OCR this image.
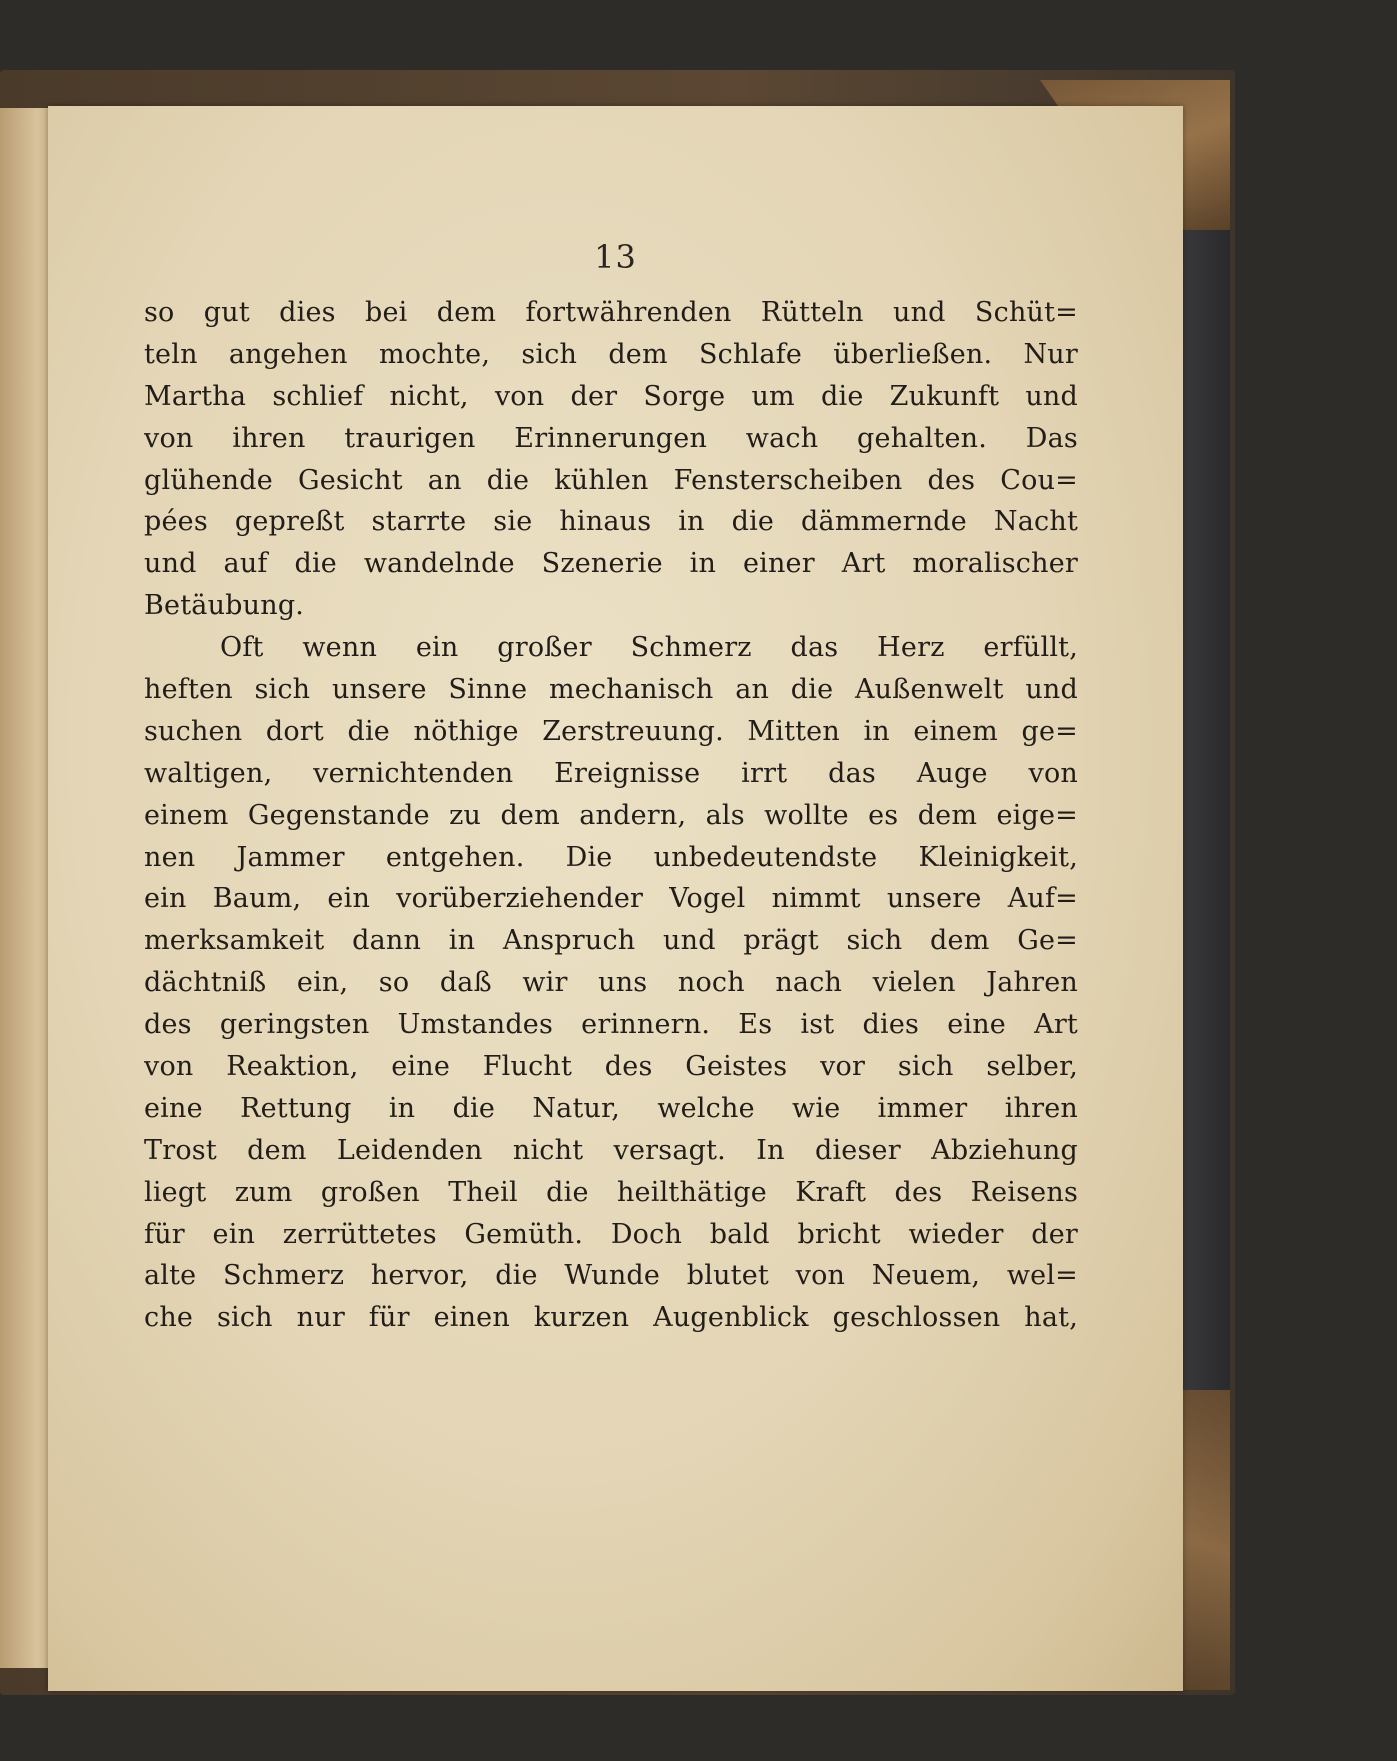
13

so gut dies bei dem fortwährenden Rütteln und Schüt=
teln angehen mochte, sich dem Schlafe überließen. Nur
Martha schlief nicht, von der Sorge um die Zukunft und
von ihren traurigen Erinnerungen wach gehalten. Das
glühende Gesicht an die kühlen Fensterscheiben des Cou=
pées gepreßt starrte sie hinaus in die dämmernde Nacht
und auf die wandelnde Szenerie in einer Art moralischer
Betäubung.
Oft wenn ein großer Schmerz das Herz erfüllt,
heften sich unsere Sinne mechanisch an die Außenwelt und
suchen dort die nöthige Zerstreuung. Mitten in einem ge=
waltigen, vernichtenden Ereignisse irrt das Auge von
einem Gegenstande zu dem andern, als wollte es dem eige=
nen Jammer entgehen. Die unbedeutendste Kleinigkeit,
ein Baum, ein vorüberziehender Vogel nimmt unsere Auf=
merksamkeit dann in Anspruch und prägt sich dem Ge=
dächtniß ein, so daß wir uns noch nach vielen Jahren
des geringsten Umstandes erinnern. Es ist dies eine Art
von Reaktion, eine Flucht des Geistes vor sich selber,
eine Rettung in die Natur, welche wie immer ihren
Trost dem Leidenden nicht versagt. In dieser Abziehung
liegt zum großen Theil die heilthätige Kraft des Reisens
für ein zerrüttetes Gemüth. Doch bald bricht wieder der
alte Schmerz hervor, die Wunde blutet von Neuem, wel=
che sich nur für einen kurzen Augenblick geschlossen hat,
